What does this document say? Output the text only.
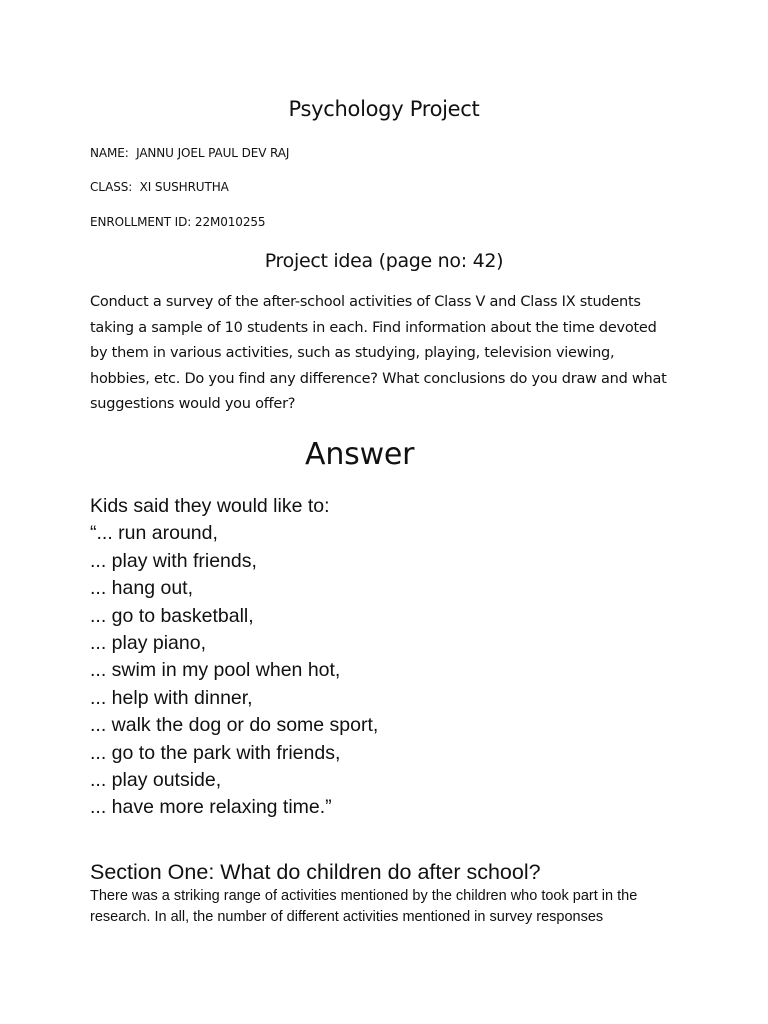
Psychology Project
NAME:  JANNU JOEL PAUL DEV RAJ
CLASS:  XI SUSHRUTHA
ENROLLMENT ID: 22M010255
Project idea (page no: 42)
Conduct a survey of the after-school activities of Class V and Class IX students
taking a sample of 10 students in each. Find information about the time devoted
by them in various activities, such as studying, playing, television viewing,
hobbies, etc. Do you find any difference? What conclusions do you draw and what
suggestions would you offer?
Answer
Kids said they would like to:
“... run around,
... play with friends,
... hang out,
... go to basketball,
... play piano,
... swim in my pool when hot,
... help with dinner,
... walk the dog or do some sport,
... go to the park with friends,
... play outside,
... have more relaxing time.”
Section One: What do children do after school?
There was a striking range of activities mentioned by the children who took part in the
research. In all, the number of different activities mentioned in survey responses
